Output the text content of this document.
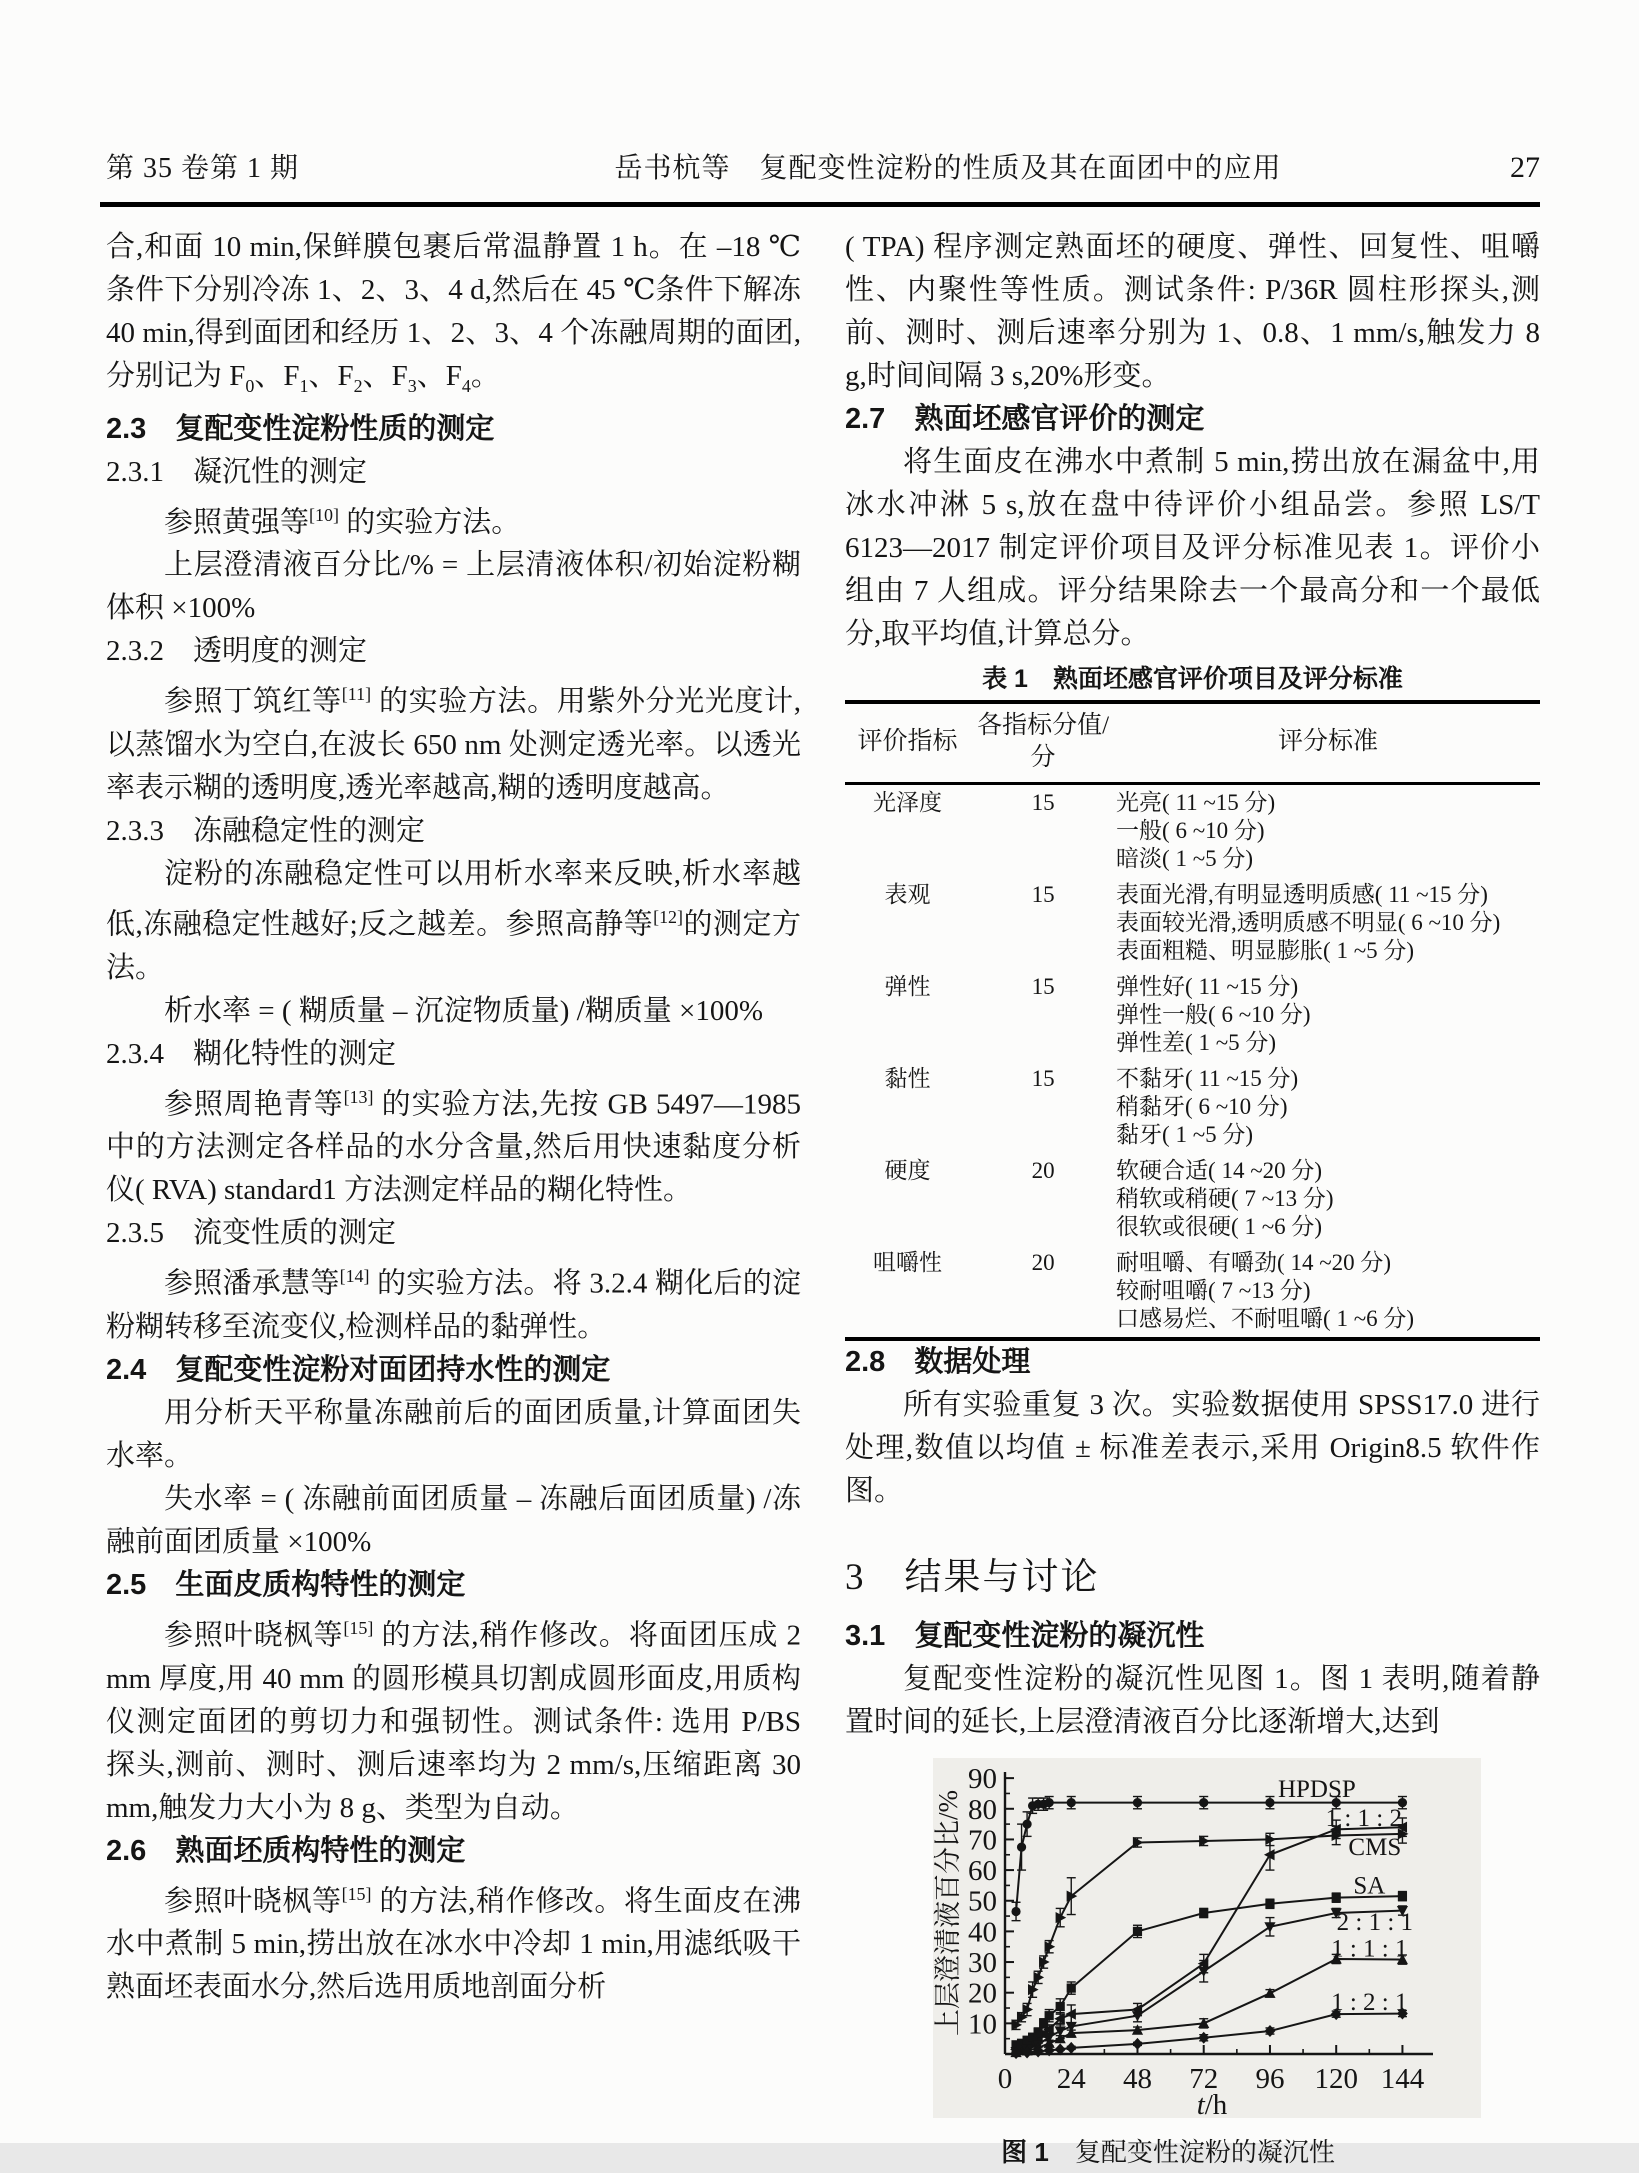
第 35 卷第 1 期	岳书杭等　复配变性淀粉的性质及其在面团中的应用	27

合,和面 10 min,保鲜膜包裹后常温静置 1 h。在 –18 ℃条件下分别冷冻 1、2、3、4 d,然后在 45 ℃条件下解冻 40 min,得到面团和经历 1、2、3、4 个冻融周期的面团,分别记为 $F_0$、$F_1$、$F_2$、$F_3$、$F_4$。

2.3　复配变性淀粉性质的测定
2.3.1　凝沉性的测定

参照黄强等[10] 的实验方法。

上层澄清液百分比/% = 上层清液体积/初始淀粉糊体积 ×100%

2.3.2　透明度的测定

参照丁筑红等[11] 的实验方法。用紫外分光光度计,以蒸馏水为空白,在波长 650 nm 处测定透光率。以透光率表示糊的透明度,透光率越高,糊的透明度越高。

2.3.3　冻融稳定性的测定

淀粉的冻融稳定性可以用析水率来反映,析水率越低,冻融稳定性越好;反之越差。参照高静等[12]的测定方法。

析水率 = ( 糊质量 – 沉淀物质量) /糊质量 ×100%

2.3.4　糊化特性的测定

参照周艳青等[13] 的实验方法,先按 GB 5497—1985 中的方法测定各样品的水分含量,然后用快速黏度分析仪( RVA) standard1 方法测定样品的糊化特性。

2.3.5　流变性质的测定

参照潘承慧等[14] 的实验方法。将 3.2.4 糊化后的淀粉糊转移至流变仪,检测样品的黏弹性。

2.4　复配变性淀粉对面团持水性的测定

用分析天平称量冻融前后的面团质量,计算面团失水率。

失水率 = ( 冻融前面团质量 – 冻融后面团质量) /冻融前面团质量 ×100%

2.5　生面皮质构特性的测定

参照叶晓枫等[15] 的方法,稍作修改。将面团压成 2 mm 厚度,用 40 mm 的圆形模具切割成圆形面皮,用质构仪测定面团的剪切力和强韧性。测试条件: 选用 P/BS 探头,测前、测时、测后速率均为 2 mm/s,压缩距离 30 mm,触发力大小为 8 g、类型为自动。

2.6　熟面坯质构特性的测定

参照叶晓枫等[15] 的方法,稍作修改。将生面皮在沸水中煮制 5 min,捞出放在冰水中冷却 1 min,用滤纸吸干熟面坯表面水分,然后选用质地剖面分析

( TPA) 程序测定熟面坯的硬度、弹性、回复性、咀嚼性、内聚性等性质。测试条件: P/36R 圆柱形探头,测前、测时、测后速率分别为 1、0.8、1 mm/s,触发力 8 g,时间间隔 3 s,20%形变。

2.7　熟面坯感官评价的测定

将生面皮在沸水中煮制 5 min,捞出放在漏盆中,用冰水冲淋 5 s,放在盘中待评价小组品尝。参照 LS/T 6123—2017 制定评价项目及评分标准见表 1。评价小组由 7 人组成。评分结果除去一个最高分和一个最低分,取平均值,计算总分。

表 1　熟面坯感官评价项目及评分标准
评价指标	各指标分值/分	评分标准
光泽度	15	光亮( 11 ~15 分)
一般( 6 ~10 分)
暗淡( 1 ~5 分)
表观	15	表面光滑,有明显透明质感( 11 ~15 分)
表面较光滑,透明质感不明显( 6 ~10 分)
表面粗糙、明显膨胀( 1 ~5 分)
弹性	15	弹性好( 11 ~15 分)
弹性一般( 6 ~10 分)
弹性差( 1 ~5 分)
黏性	15	不黏牙( 11 ~15 分)
稍黏牙( 6 ~10 分)
黏牙( 1 ~5 分)
硬度	20	软硬合适( 14 ~20 分)
稍软或稍硬( 7 ~13 分)
很软或很硬( 1 ~6 分)
咀嚼性	20	耐咀嚼、有嚼劲( 14 ~20 分)
较耐咀嚼( 7 ~13 分)
口感易烂、不耐咀嚼( 1 ~6 分)
2.8　数据处理

所有实验重复 3 次。实验数据使用 SPSS17.0 进行处理,数值以均值 ± 标准差表示,采用 Origin8.5 软件作图。

3　结果与讨论
3.1　复配变性淀粉的凝沉性

复配变性淀粉的凝沉性见图 1。图 1 表明,随着静置时间的延长,上层澄清液百分比逐渐增大,达到

0 24 48 72 96 120 144
10
20
30
40
50
60
70
80
90
上层澄清液百分比/%
t/h
HPDSP
CMS
1 : 1 : 2
SA
2 : 1 : 1
1 : 1 : 1
1 : 2 : 1
图 1　复配变性淀粉的凝沉性
